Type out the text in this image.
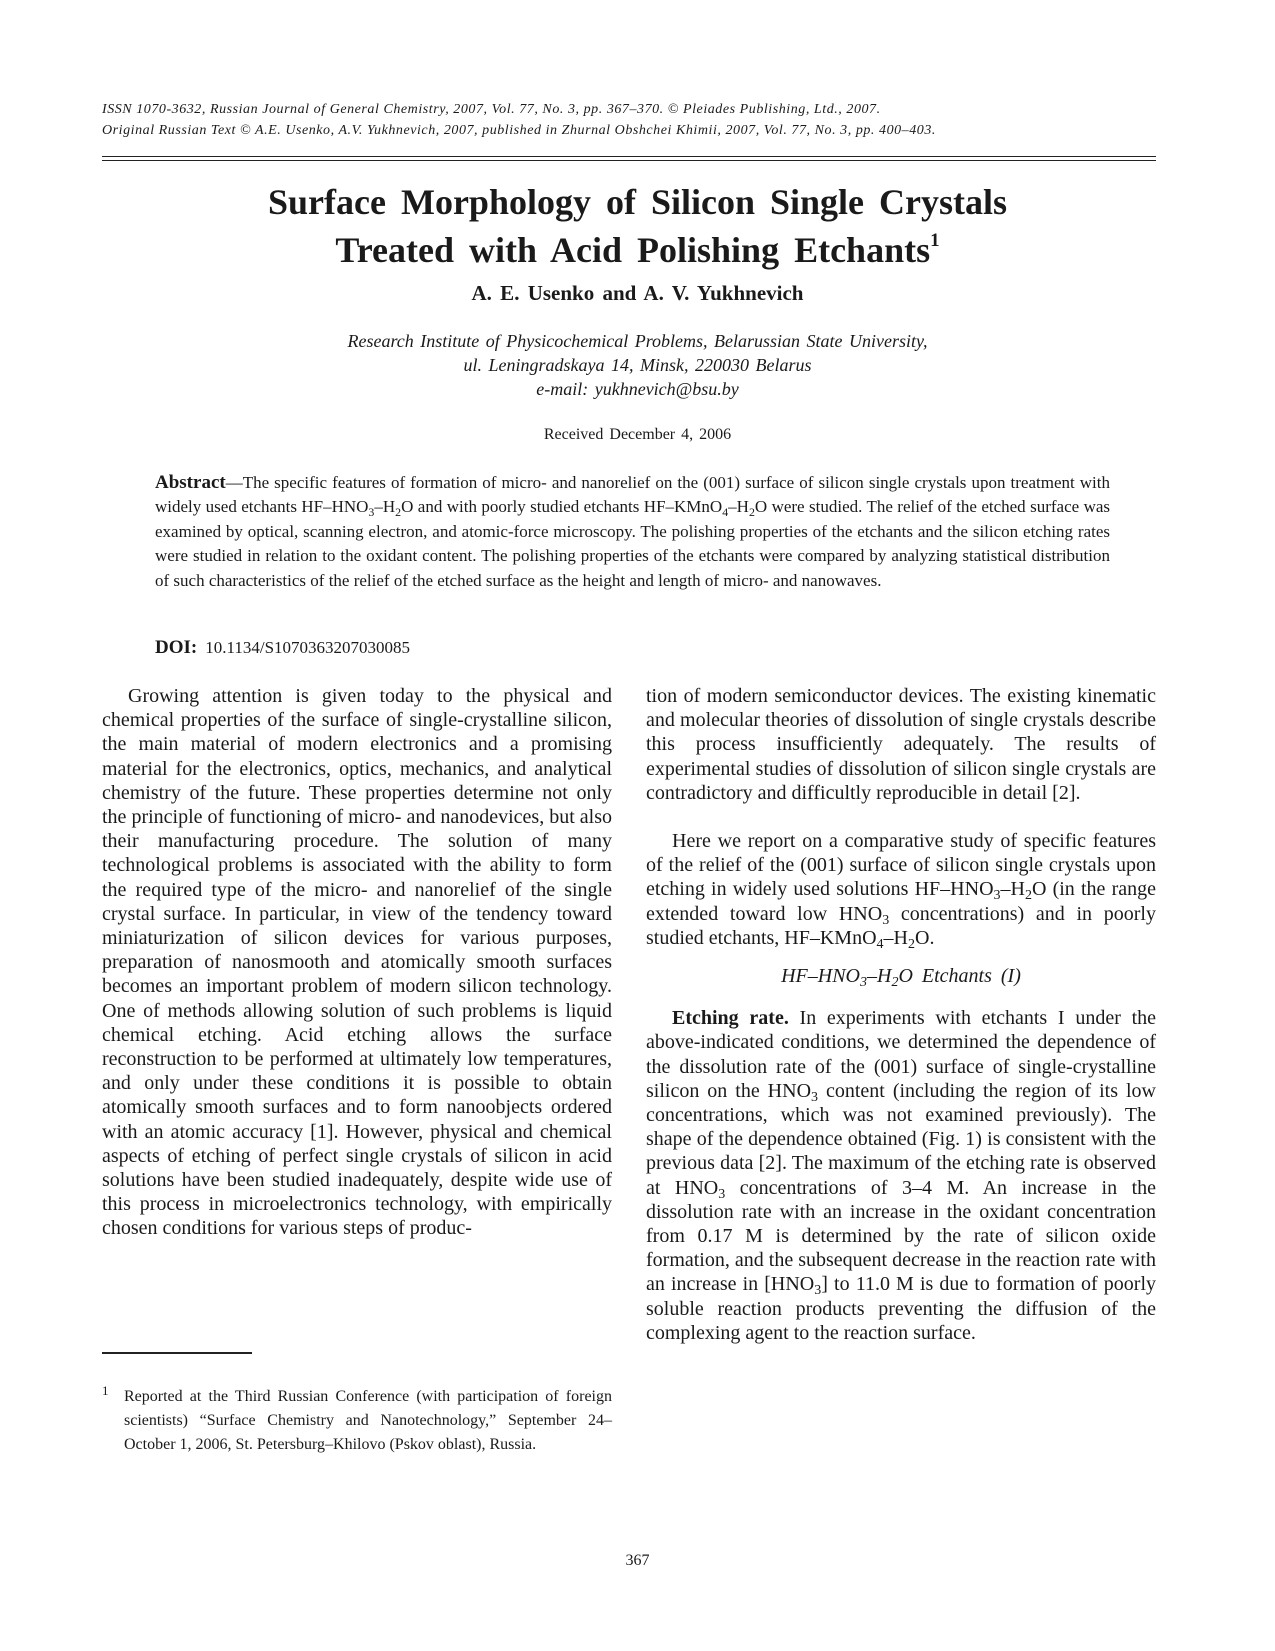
ISSN 1070-3632, Russian Journal of General Chemistry, 2007, Vol. 77, No. 3, pp. 367–370. © Pleiades Publishing, Ltd., 2007.
Original Russian Text © A.E. Usenko, A.V. Yukhnevich, 2007, published in Zhurnal Obshchei Khimii, 2007, Vol. 77, No. 3, pp. 400–403.
Surface Morphology of Silicon Single Crystals
Treated with Acid Polishing Etchants$^1$
A. E. Usenko and A. V. Yukhnevich
Research Institute of Physicochemical Problems, Belarussian State University,
ul. Leningradskaya 14, Minsk, 220030 Belarus
e-mail: yukhnevich@bsu.by
Received December 4, 2006
Abstract—The specific features of formation of micro- and nanorelief on the (001) surface of silicon single crystals upon treatment with widely used etchants $HF-HNO_3-H_2O$ and with poorly studied etchants $HF-KMnO_4-H_2O$ were studied. The relief of the etched surface was examined by optical, scanning electron, and atomic-force microscopy. The polishing properties of the etchants and the silicon etching rates were studied in relation to the oxidant content. The polishing properties of the etchants were compared by analyzing statistical distribution of such characteristics of the relief of the etched surface as the height and length of micro- and nanowaves.
DOI: 10.1134/S1070363207030085

Growing attention is given today to the physical and chemical properties of the surface of single-crystalline silicon, the main material of modern electronics and a promising material for the electronics, optics, mechanics, and analytical chemistry of the future. These properties determine not only the principle of functioning of micro- and nanodevices, but also their manufacturing procedure. The solution of many technological problems is associated with the ability to form the required type of the micro- and nanorelief of the single crystal surface. In particular, in view of the tendency toward miniaturization of silicon devices for various purposes, preparation of nanosmooth and atomically smooth surfaces becomes an important problem of modern silicon technology. One of methods allowing solution of such problems is liquid chemical etching. Acid etching allows the surface reconstruction to be performed at ultimately low temperatures, and only under these conditions it is possible to obtain atomically smooth surfaces and to form nanoobjects ordered with an atomic accuracy [1]. However, physical and chemical aspects of etching of perfect single crystals of silicon in acid solutions have been studied inadequately, despite wide use of this process in microelectronics technology, with empirically chosen conditions for various steps of produc-

tion of modern semiconductor devices. The existing kinematic and molecular theories of dissolution of single crystals describe this process insufficiently adequately. The results of experimental studies of dissolution of silicon single crystals are contradictory and difficultly reproducible in detail [2].

Here we report on a comparative study of specific features of the relief of the (001) surface of silicon single crystals upon etching in widely used solutions $HF-HNO_3-H_2O$ (in the range extended toward low $HNO_3$ concentrations) and in poorly studied etchants, $HF-KMnO_4-H_2O$.

$HF-HNO_3-H_2O$ Etchants (I)

Etching rate. In experiments with etchants I under the above-indicated conditions, we determined the dependence of the dissolution rate of the (001) surface of single-crystalline silicon on the $HNO_3$ content (including the region of its low concentrations, which was not examined previously). The shape of the dependence obtained (Fig. 1) is consistent with the previous data [2]. The maximum of the etching rate is observed at $HNO_3$ concentrations of 3–4 M. An increase in the dissolution rate with an increase in the oxidant concentration from 0.17 M is determined by the rate of silicon oxide formation, and the subsequent decrease in the reaction rate with an increase in $[HNO_3]$ to 11.0 M is due to formation of poorly soluble reaction products preventing the diffusion of the complexing agent to the reaction surface.

1 Reported at the Third Russian Conference (with participation of foreign scientists) “Surface Chemistry and Nanotechnology,” September 24–October 1, 2006, St. Petersburg–Khilovo (Pskov oblast), Russia.
367
